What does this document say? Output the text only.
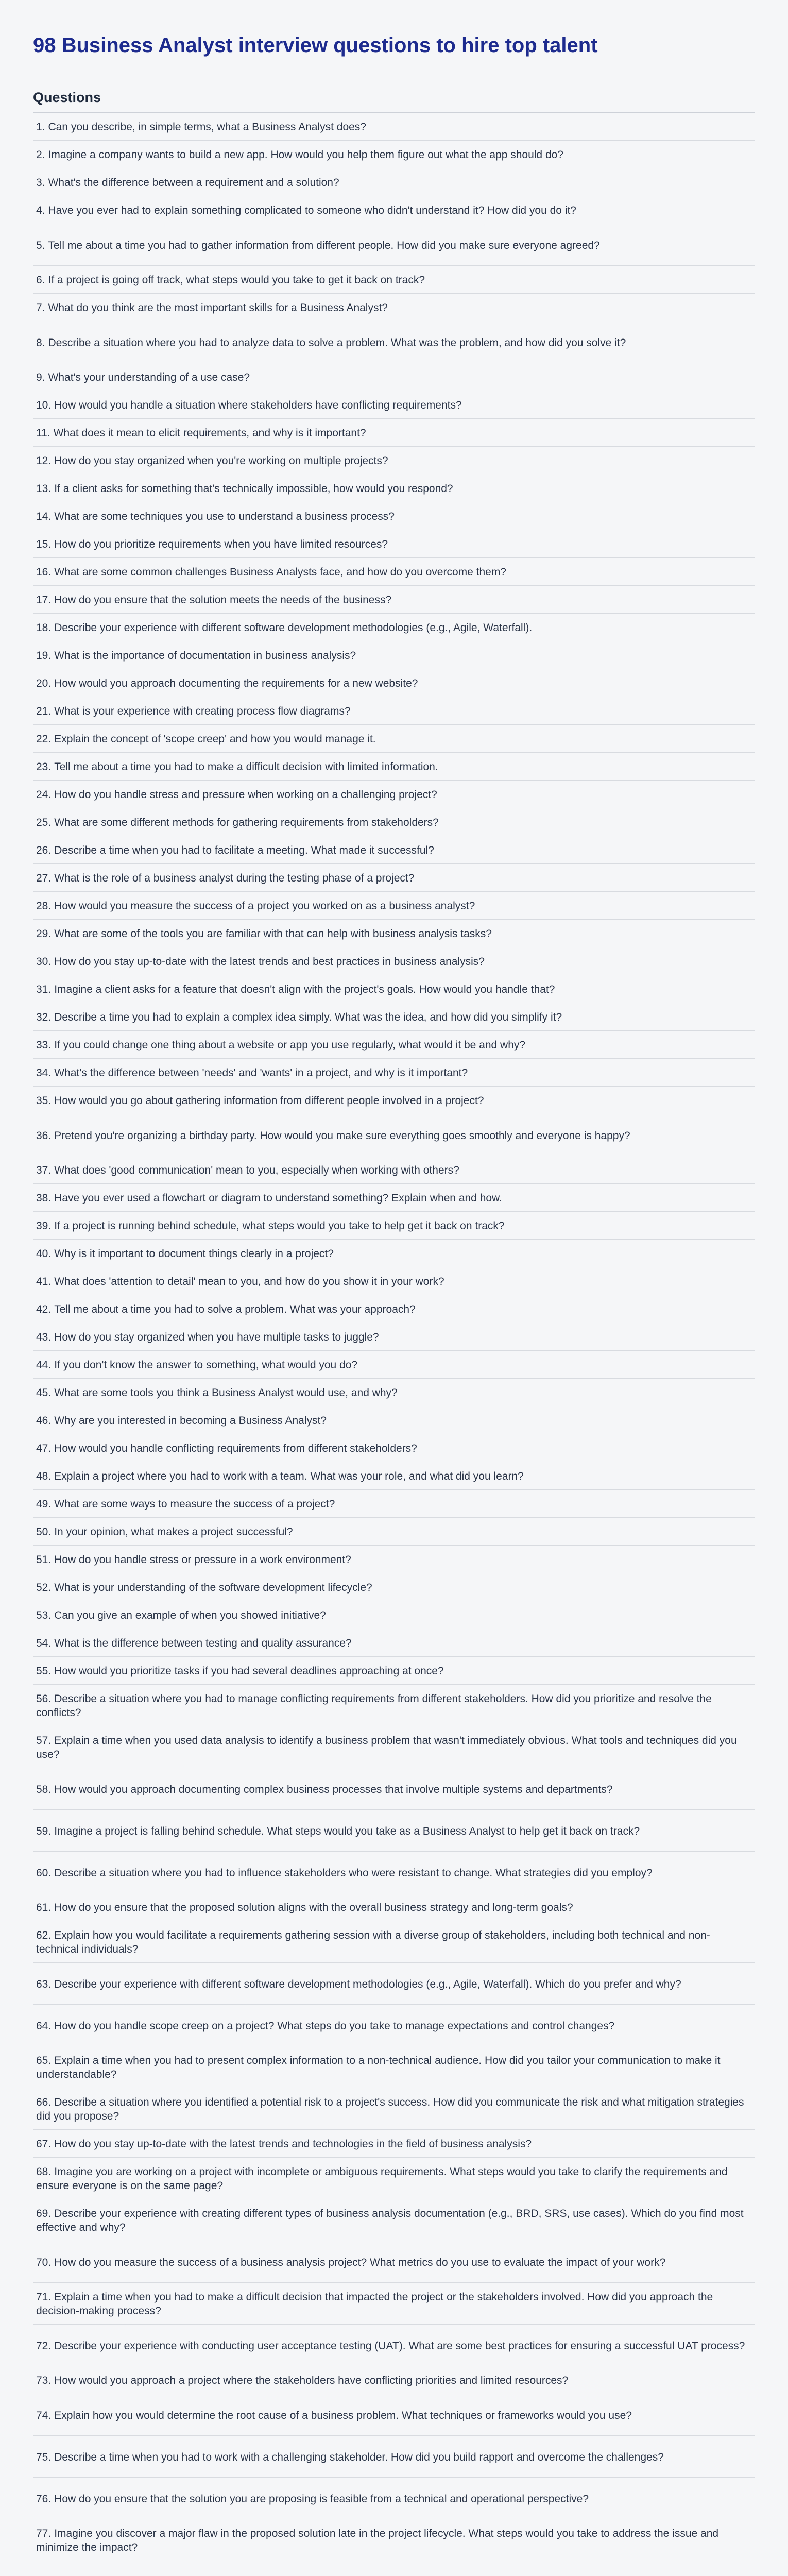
98 Business Analyst interview questions to hire top talent
Questions
1. Can you describe, in simple terms, what a Business Analyst does?
2. Imagine a company wants to build a new app. How would you help them figure out what the app should do?
3. What's the difference between a requirement and a solution?
4. Have you ever had to explain something complicated to someone who didn't understand it? How did you do it?
5. Tell me about a time you had to gather information from different people. How did you make sure everyone agreed?
6. If a project is going off track, what steps would you take to get it back on track?
7. What do you think are the most important skills for a Business Analyst?
8. Describe a situation where you had to analyze data to solve a problem. What was the problem, and how did you solve it?
9. What's your understanding of a use case?
10. How would you handle a situation where stakeholders have conflicting requirements?
11. What does it mean to elicit requirements, and why is it important?
12. How do you stay organized when you're working on multiple projects?
13. If a client asks for something that's technically impossible, how would you respond?
14. What are some techniques you use to understand a business process?
15. How do you prioritize requirements when you have limited resources?
16. What are some common challenges Business Analysts face, and how do you overcome them?
17. How do you ensure that the solution meets the needs of the business?
18. Describe your experience with different software development methodologies (e.g., Agile, Waterfall).
19. What is the importance of documentation in business analysis?
20. How would you approach documenting the requirements for a new website?
21. What is your experience with creating process flow diagrams?
22. Explain the concept of 'scope creep' and how you would manage it.
23. Tell me about a time you had to make a difficult decision with limited information.
24. How do you handle stress and pressure when working on a challenging project?
25. What are some different methods for gathering requirements from stakeholders?
26. Describe a time when you had to facilitate a meeting. What made it successful?
27. What is the role of a business analyst during the testing phase of a project?
28. How would you measure the success of a project you worked on as a business analyst?
29. What are some of the tools you are familiar with that can help with business analysis tasks?
30. How do you stay up-to-date with the latest trends and best practices in business analysis?
31. Imagine a client asks for a feature that doesn't align with the project's goals. How would you handle that?
32. Describe a time you had to explain a complex idea simply. What was the idea, and how did you simplify it?
33. If you could change one thing about a website or app you use regularly, what would it be and why?
34. What's the difference between 'needs' and 'wants' in a project, and why is it important?
35. How would you go about gathering information from different people involved in a project?
36. Pretend you're organizing a birthday party. How would you make sure everything goes smoothly and everyone is happy?
37. What does 'good communication' mean to you, especially when working with others?
38. Have you ever used a flowchart or diagram to understand something? Explain when and how.
39. If a project is running behind schedule, what steps would you take to help get it back on track?
40. Why is it important to document things clearly in a project?
41. What does 'attention to detail' mean to you, and how do you show it in your work?
42. Tell me about a time you had to solve a problem. What was your approach?
43. How do you stay organized when you have multiple tasks to juggle?
44. If you don't know the answer to something, what would you do?
45. What are some tools you think a Business Analyst would use, and why?
46. Why are you interested in becoming a Business Analyst?
47. How would you handle conflicting requirements from different stakeholders?
48. Explain a project where you had to work with a team. What was your role, and what did you learn?
49. What are some ways to measure the success of a project?
50. In your opinion, what makes a project successful?
51. How do you handle stress or pressure in a work environment?
52. What is your understanding of the software development lifecycle?
53. Can you give an example of when you showed initiative?
54. What is the difference between testing and quality assurance?
55. How would you prioritize tasks if you had several deadlines approaching at once?
56. Describe a situation where you had to manage conflicting requirements from different stakeholders. How did you prioritize and resolve the conflicts?
57. Explain a time when you used data analysis to identify a business problem that wasn't immediately obvious. What tools and techniques did you use?
58. How would you approach documenting complex business processes that involve multiple systems and departments?
59. Imagine a project is falling behind schedule. What steps would you take as a Business Analyst to help get it back on track?
60. Describe a situation where you had to influence stakeholders who were resistant to change. What strategies did you employ?
61. How do you ensure that the proposed solution aligns with the overall business strategy and long-term goals?
62. Explain how you would facilitate a requirements gathering session with a diverse group of stakeholders, including both technical and non-technical individuals?
63. Describe your experience with different software development methodologies (e.g., Agile, Waterfall). Which do you prefer and why?
64. How do you handle scope creep on a project? What steps do you take to manage expectations and control changes?
65. Explain a time when you had to present complex information to a non-technical audience. How did you tailor your communication to make it understandable?
66. Describe a situation where you identified a potential risk to a project's success. How did you communicate the risk and what mitigation strategies did you propose?
67. How do you stay up-to-date with the latest trends and technologies in the field of business analysis?
68. Imagine you are working on a project with incomplete or ambiguous requirements. What steps would you take to clarify the requirements and ensure everyone is on the same page?
69. Describe your experience with creating different types of business analysis documentation (e.g., BRD, SRS, use cases). Which do you find most effective and why?
70. How do you measure the success of a business analysis project? What metrics do you use to evaluate the impact of your work?
71. Explain a time when you had to make a difficult decision that impacted the project or the stakeholders involved. How did you approach the decision-making process?
72. Describe your experience with conducting user acceptance testing (UAT). What are some best practices for ensuring a successful UAT process?
73. How would you approach a project where the stakeholders have conflicting priorities and limited resources?
74. Explain how you would determine the root cause of a business problem. What techniques or frameworks would you use?
75. Describe a time when you had to work with a challenging stakeholder. How did you build rapport and overcome the challenges?
76. How do you ensure that the solution you are proposing is feasible from a technical and operational perspective?
77. Imagine you discover a major flaw in the proposed solution late in the project lifecycle. What steps would you take to address the issue and minimize the impact?
